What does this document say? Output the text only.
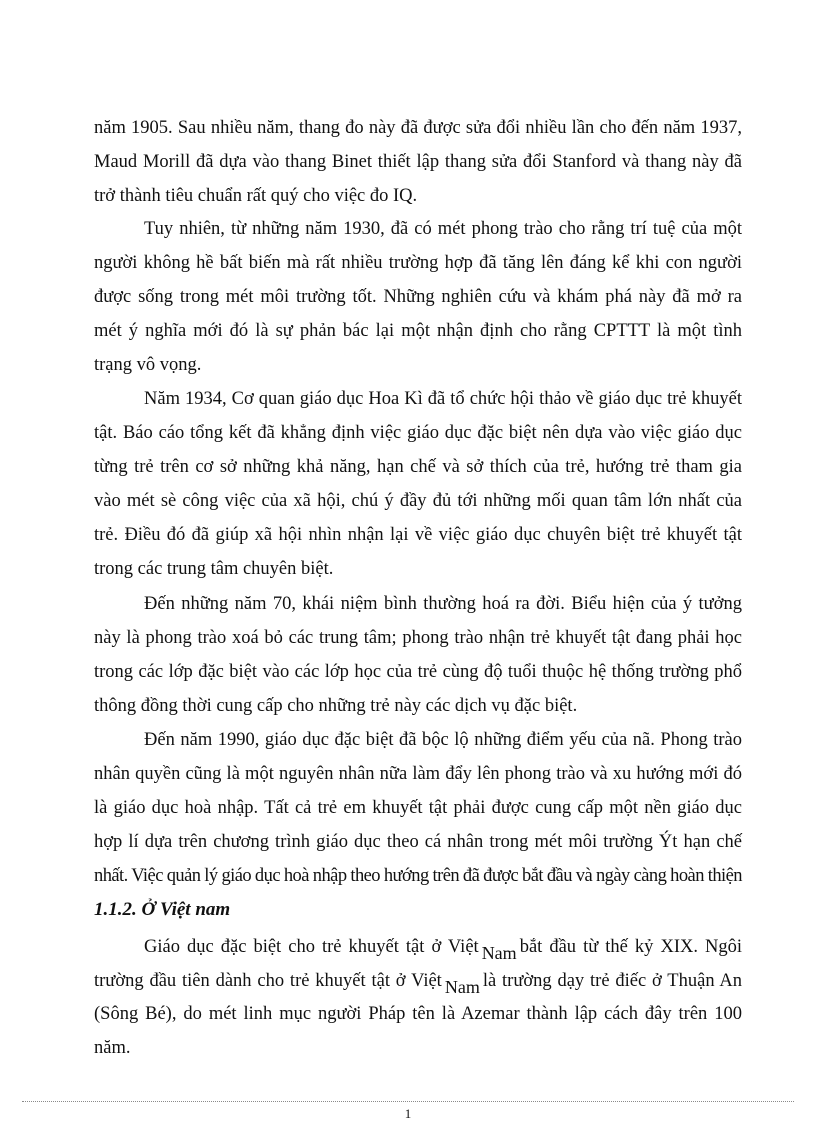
năm 1905. Sau nhiều năm, thang đo này đã được sửa đổi nhiều lần cho đến năm 1937,
Maud Morill đã dựa vào thang Binet thiết lập thang sửa đổi Stanford và thang này đã
trở thành tiêu chuẩn rất quý cho việc đo IQ.
Tuy nhiên, từ những năm 1930, đã có mét phong trào cho rằng trí tuệ của một
người không hề bất biến mà rất nhiều trường hợp đã tăng lên đáng kể khi con người
được sống trong mét môi trường tốt. Những nghiên cứu và khám phá này đã mở ra
mét ý nghĩa mới đó là sự phản bác lại một nhận định cho rằng CPTTT là một tình
trạng vô vọng.
Năm 1934, Cơ quan giáo dục Hoa Kì đã tổ chức hội thảo về giáo dục trẻ khuyết
tật. Báo cáo tổng kết đã khẳng định việc giáo dục đặc biệt nên dựa vào việc giáo dục
từng trẻ trên cơ sở những khả năng, hạn chế và sở thích của trẻ, hướng trẻ tham gia
vào mét sè công việc của xã hội, chú ý đầy đủ tới những mối quan tâm lớn nhất của
trẻ. Điều đó đã giúp xã hội nhìn nhận lại về việc giáo dục chuyên biệt trẻ khuyết tật
trong các trung tâm chuyên biệt.
Đến những năm 70, khái niệm bình thường hoá ra đời. Biểu hiện của ý tưởng
này là phong trào xoá bỏ các trung tâm; phong trào nhận trẻ khuyết tật đang phải học
trong các lớp đặc biệt vào các lớp học của trẻ cùng độ tuổi thuộc hệ thống trường phổ
thông đồng thời cung cấp cho những trẻ này các dịch vụ đặc biệt.
Đến năm 1990, giáo dục đặc biệt đã bộc lộ những điểm yếu của nã. Phong trào
nhân quyền cũng là một nguyên nhân nữa làm đẩy lên phong trào và xu hướng mới đó
là giáo dục hoà nhập. Tất cả trẻ em khuyết tật phải được cung cấp một nền giáo dục
hợp lí dựa trên chương trình giáo dục theo cá nhân trong mét môi trường Ýt hạn chế
nhất. Việc quản lý giáo dục hoà nhập theo hướng trên đã được bắt đầu và ngày càng hoàn thiện
1.1.2. Ở Việt nam
Giáo dục đặc biệt cho trẻ khuyết tật ở Việt Nam bắt đầu từ thế kỷ XIX. Ngôi
trường đầu tiên dành cho trẻ khuyết tật ở Việt Nam là trường dạy trẻ điếc ở Thuận An
(Sông Bé), do mét linh mục người Pháp tên là Azemar thành lập cách đây trên 100
năm.
1
